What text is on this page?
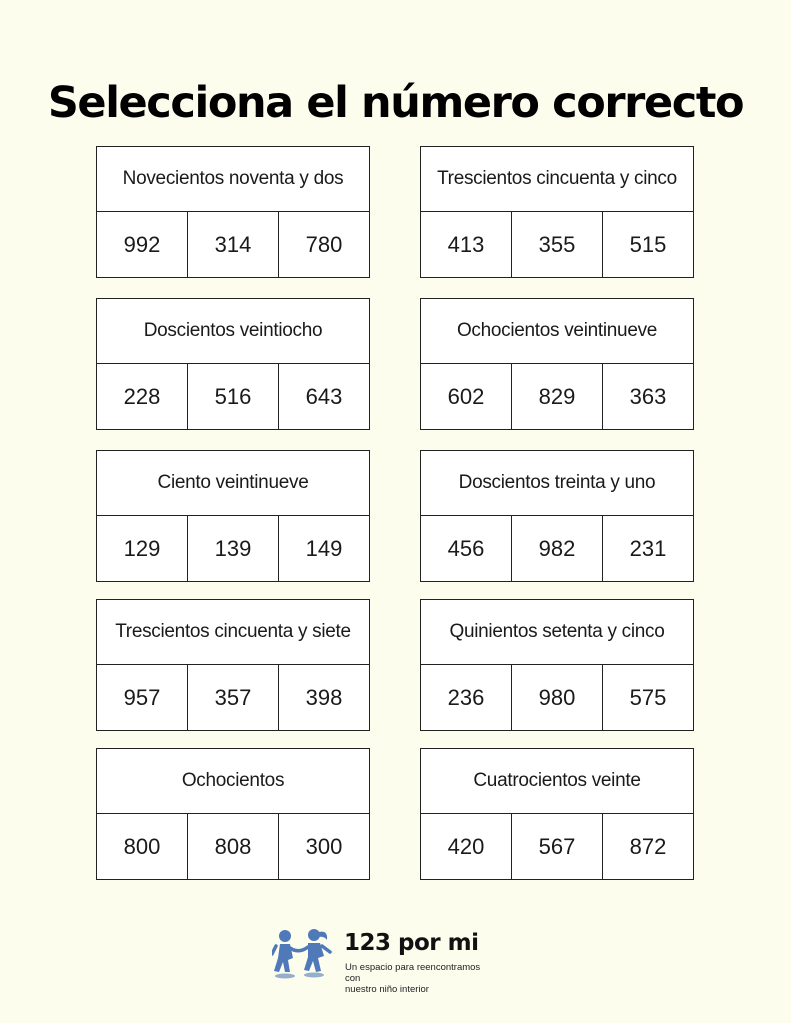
Selecciona el número correcto
Novecientos noventa y dos
992	314	780
Trescientos cincuenta y cinco
413	355	515
Doscientos veintiocho
228	516	643
Ochocientos veintinueve
602	829	363
Ciento veintinueve
129	139	149
Doscientos treinta y uno
456	982	231
Trescientos cincuenta y siete
957	357	398
Quinientos setenta y cinco
236	980	575
Ochocientos
800	808	300
Cuatrocientos veinte
420	567	872
123 por mi
Un espacio para reencontramos con
nuestro niño interior
